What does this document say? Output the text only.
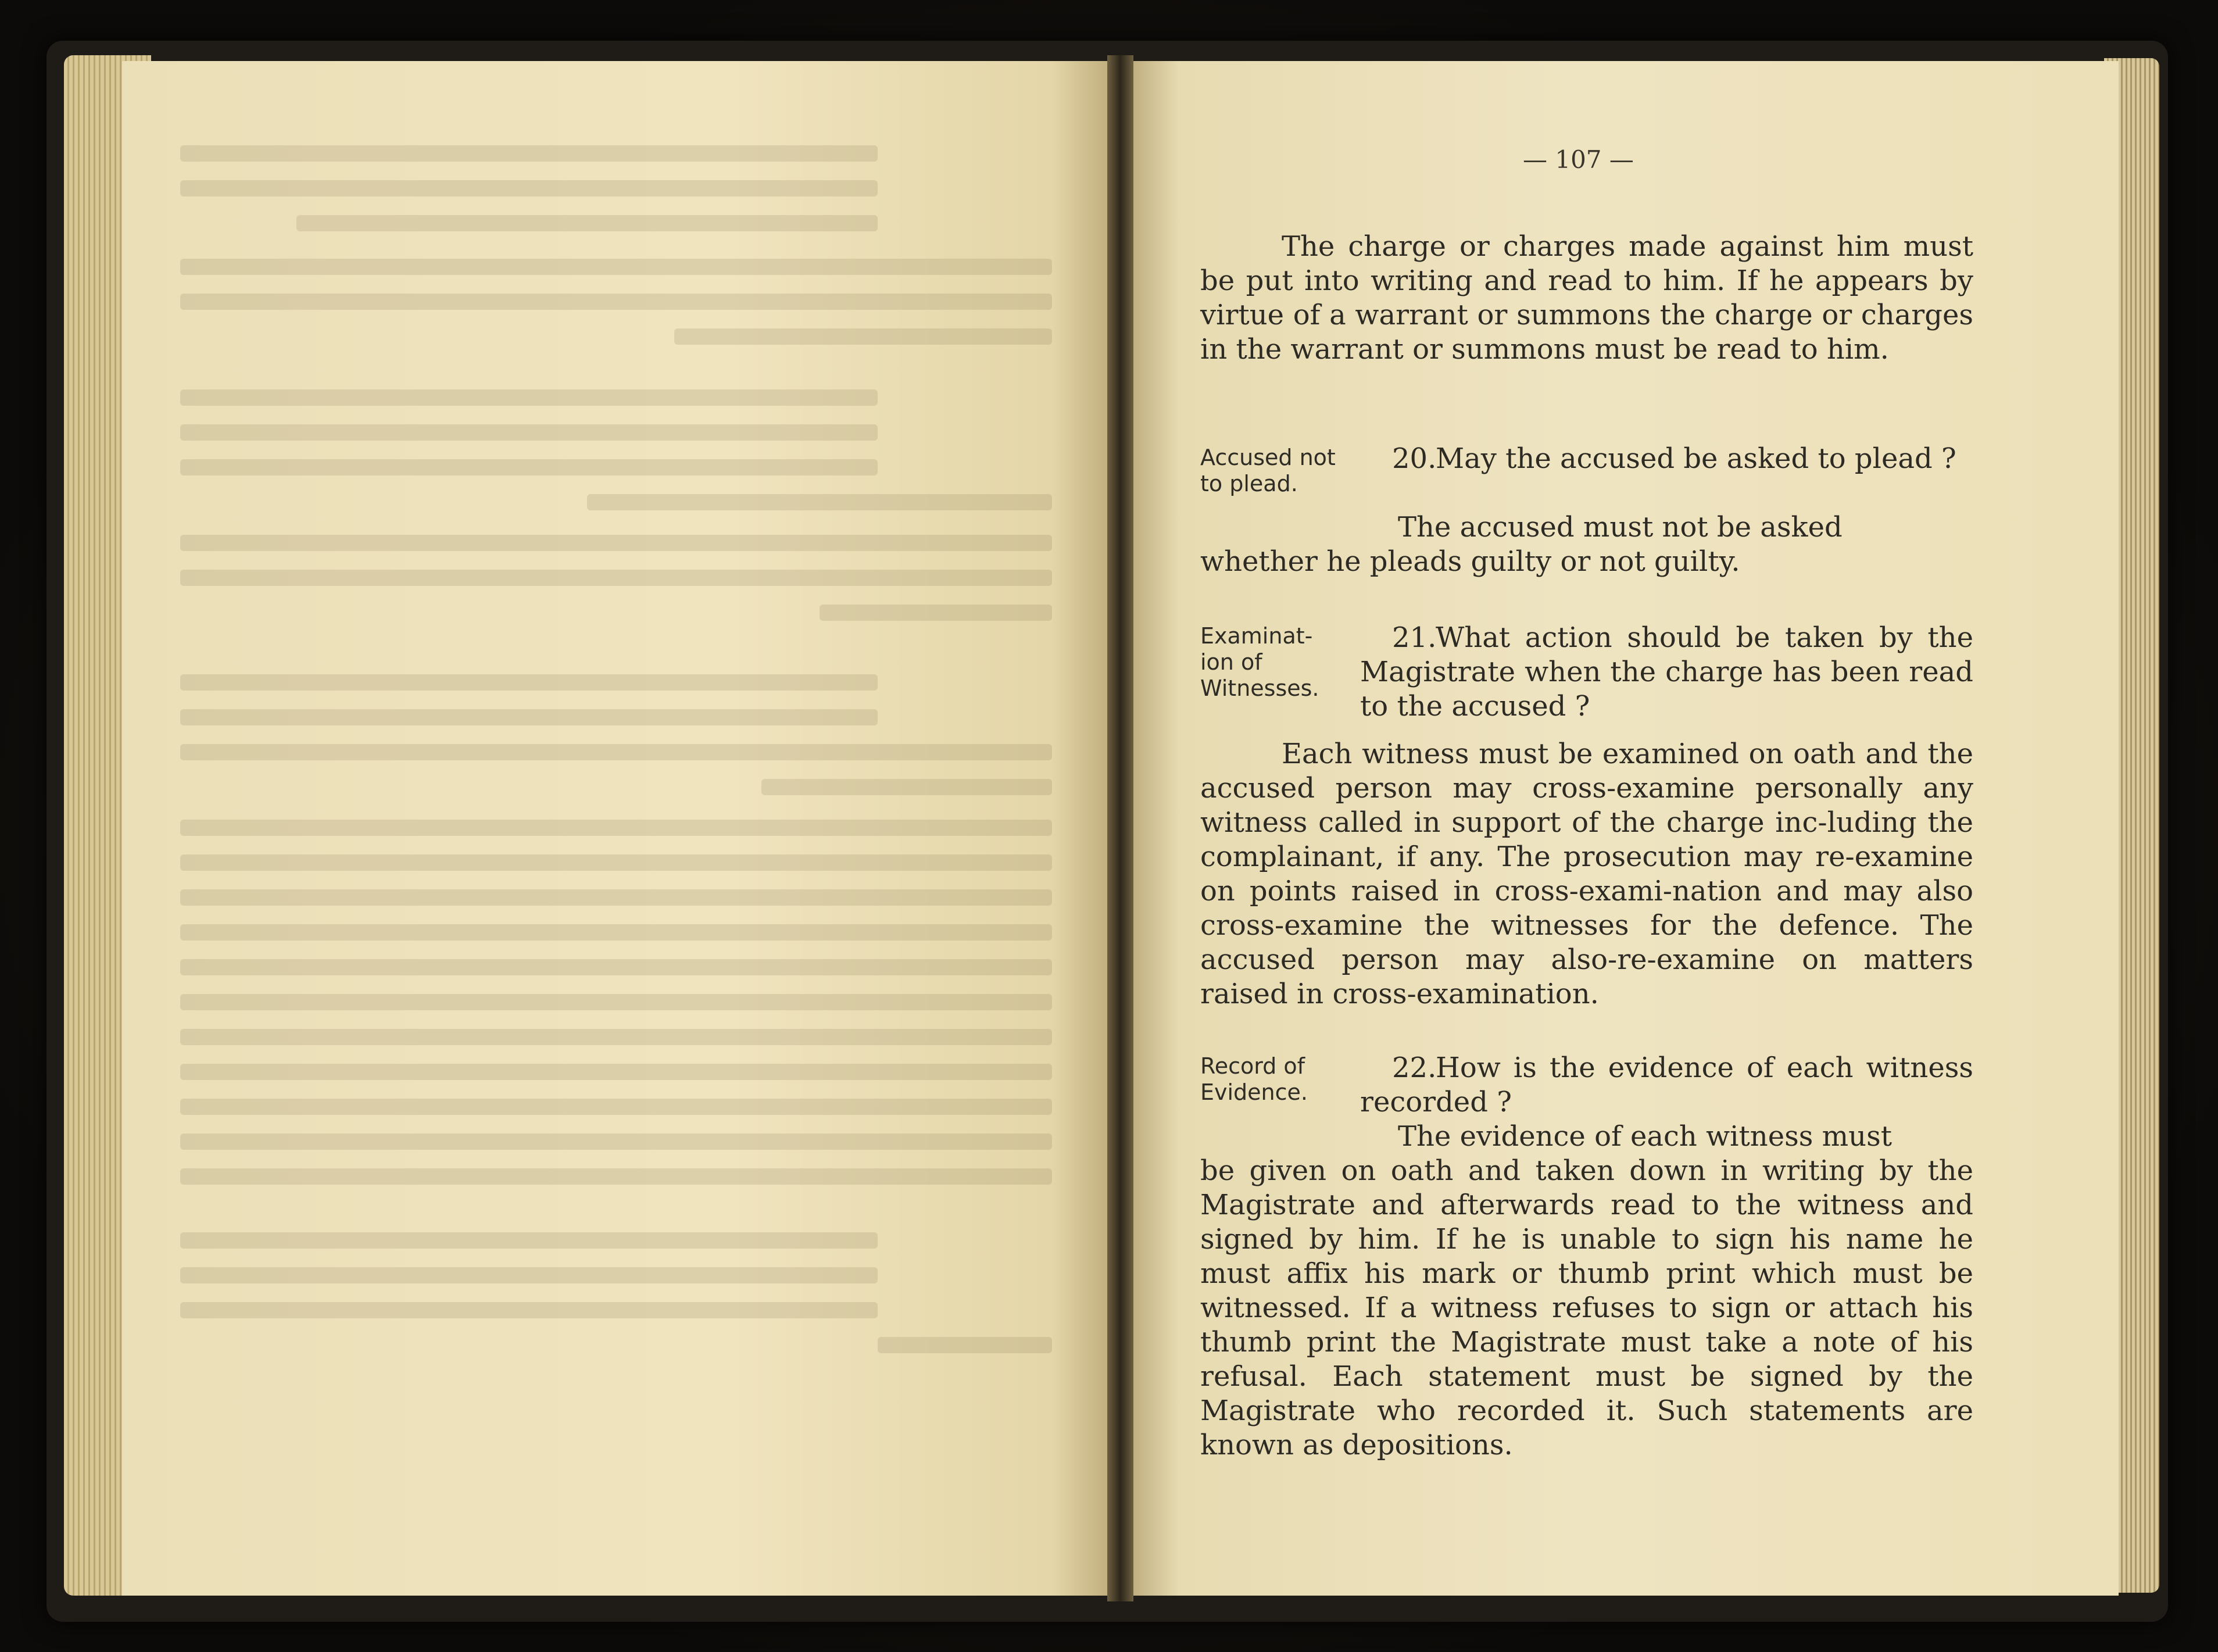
— 107 —
The charge or charges made against him must be put into writing and read to him. If he appears by virtue of a warrant or summons the charge or charges in the warrant or summons must be read to him.
Accused not to plead.
20.May the accused be asked to plead ?
The accused must not be asked
whether he pleads guilty or not guilty.
Examinat-ion of Witnesses.
21.What action should be taken by the Magistrate when the charge has been read to the accused ?
Each witness must be examined on oath and the accused person may cross-examine personally any witness called in support of the charge inc-luding the complainant, if any. The prosecution may re-examine on points raised in cross-exami-nation and may also cross-examine the witnesses for the defence. The accused person may also-re-examine on matters raised in cross-examination.
Record of Evidence.
22.How is the evidence of each witness recorded ?
The evidence of each witness must
be given on oath and taken down in writing by the Magistrate and afterwards read to the witness and signed by him. If he is unable to sign his name he must affix his mark or thumb print which must be witnessed. If a witness refuses to sign or attach his thumb print the Magistrate must take a note of his refusal. Each statement must be signed by the Magistrate who recorded it. Such statements are known as depositions.
